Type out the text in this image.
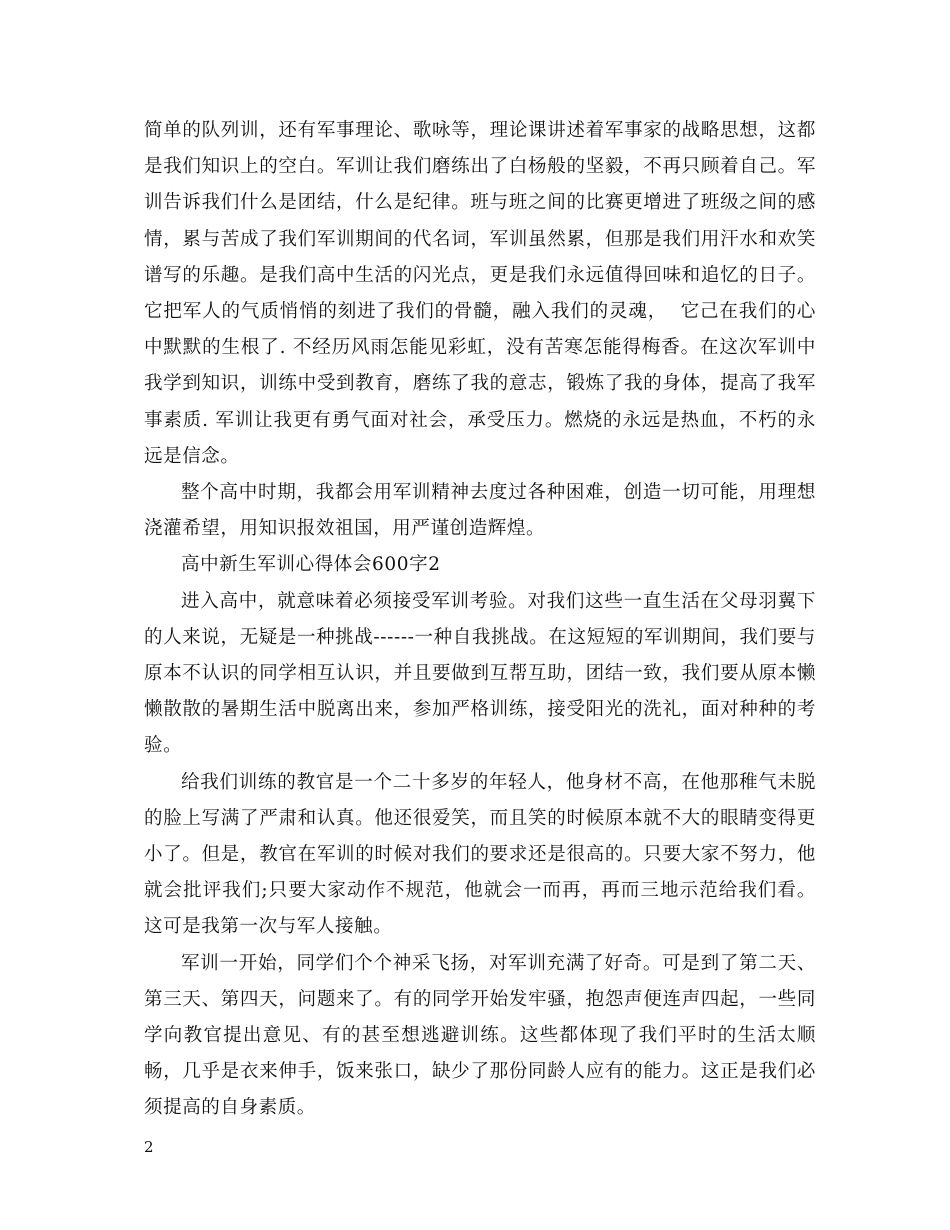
简单的队列训，还有军事理论、歌咏等，理论课讲述着军事家的战略思想，这都是我们知识上的空白。军训让我们磨练出了白杨般的坚毅，不再只顾着自己。军训告诉我们什么是团结，什么是纪律。班与班之间的比赛更增进了班级之间的感情，累与苦成了我们军训期间的代名词，军训虽然累，但那是我们用汗水和欢笑谱写的乐趣。是我们高中生活的闪光点，更是我们永远值得回味和追忆的日子。它把军人的气质悄悄的刻进了我们的骨髓，融入我们的灵魂，  它己在我们的心中默默的生根了. 不经历风雨怎能见彩虹，没有苦寒怎能得梅香。在这次军训中我学到知识，训练中受到教育，磨练了我的意志，锻炼了我的身体，提高了我军事素质. 军训让我更有勇气面对社会，承受压力。燃烧的永远是热血，不朽的永远是信念。

整个高中时期，我都会用军训精神去度过各种困难，创造一切可能，用理想浇灌希望，用知识报效祖国，用严谨创造辉煌。

高中新生军训心得体会600字2

进入高中，就意味着必须接受军训考验。对我们这些一直生活在父母羽翼下的人来说，无疑是一种挑战------一种自我挑战。在这短短的军训期间，我们要与原本不认识的同学相互认识，并且要做到互帮互助，团结一致，我们要从原本懒懒散散的暑期生活中脱离出来，参加严格训练，接受阳光的洗礼，面对种种的考验。

给我们训练的教官是一个二十多岁的年轻人，他身材不高，在他那稚气未脱的脸上写满了严肃和认真。他还很爱笑，而且笑的时候原本就不大的眼睛变得更小了。但是，教官在军训的时候对我们的要求还是很高的。只要大家不努力，他就会批评我们;只要大家动作不规范，他就会一而再，再而三地示范给我们看。这可是我第一次与军人接触。

军训一开始，同学们个个神采飞扬，对军训充满了好奇。可是到了第二天、第三天、第四天，问题来了。有的同学开始发牢骚，抱怨声便连声四起，一些同学向教官提出意见、有的甚至想逃避训练。这些都体现了我们平时的生活太顺畅，几乎是衣来伸手，饭来张口，缺少了那份同龄人应有的能力。这正是我们必须提高的自身素质。

2
